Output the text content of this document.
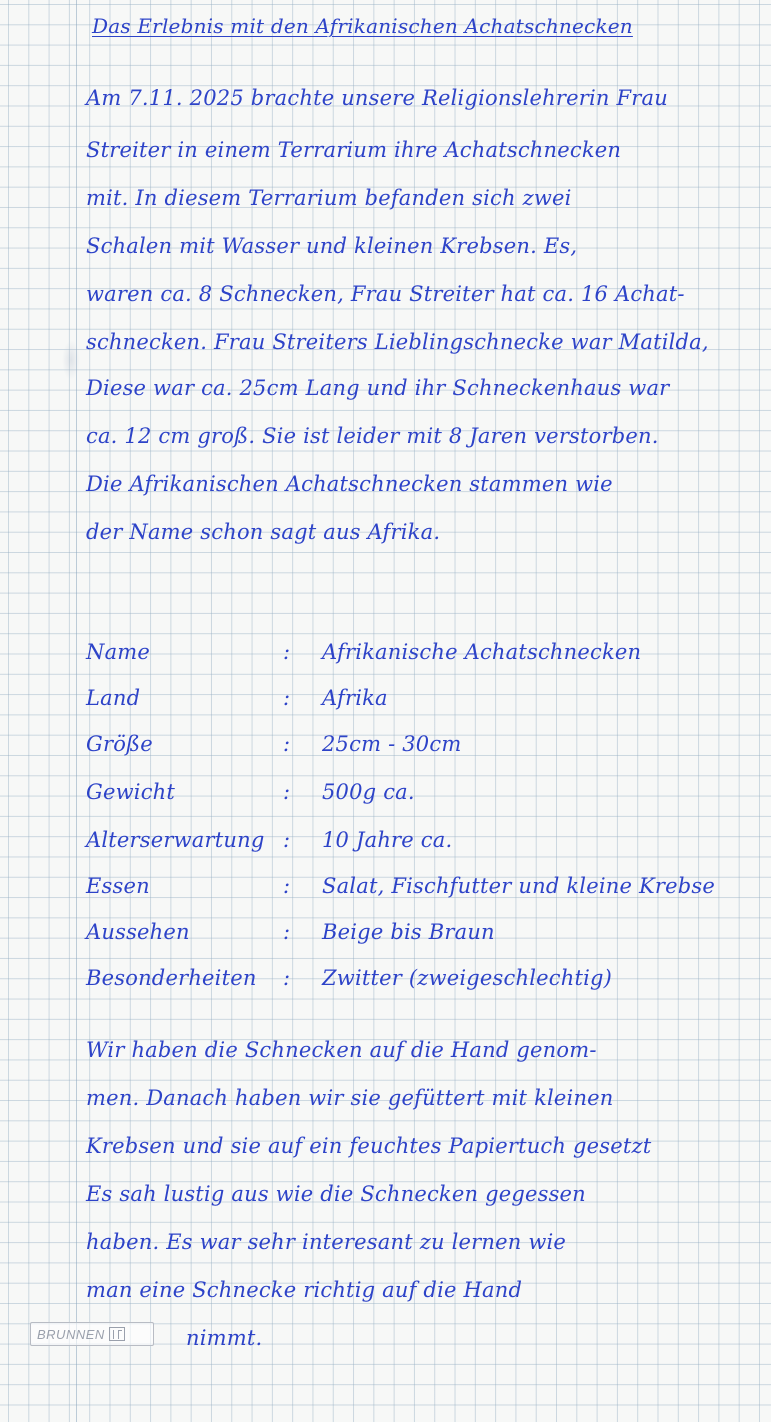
Das Erlebnis mit den Afrikanischen Achatschnecken
Am 7.11. 2025 brachte unsere Religionslehrerin Frau
Streiter in einem Terrarium ihre Achatschnecken
mit. In diesem Terrarium befanden sich zwei
Schalen mit Wasser und kleinen Krebsen. Es,
waren ca. 8 Schnecken, Frau Streiter hat ca. 16 Achat-
schnecken. Frau Streiters Lieblingschnecke war Matilda,
Diese war ca. 25cm Lang und ihr Schneckenhaus war
ca. 12 cm groß. Sie ist leider mit 8 Jaren verstorben.
Die Afrikanischen Achatschnecken stammen wie
der Name schon sagt aus Afrika.
Name	: Afrikanische Achatschnecken
Land	: Afrika
Größe	: 25cm - 30cm
Gewicht	: 500g ca.
Alterserwartung : 10 Jahre ca.
Essen	: Salat, Fischfutter und kleine Krebse
Aussehen	: Beige bis Braun
Besonderheiten : Zwitter (zweigeschlechtig)
Wir haben die Schnecken auf die Hand genom-
men. Danach haben wir sie gefüttert mit kleinen
Krebsen und sie auf ein feuchtes Papiertuch gesetzt
Es sah lustig aus wie die Schnecken gegessen
haben. Es war sehr interesant zu lernen wie
man eine Schnecke richtig auf die Hand
nimmt.
BRUNNEN
